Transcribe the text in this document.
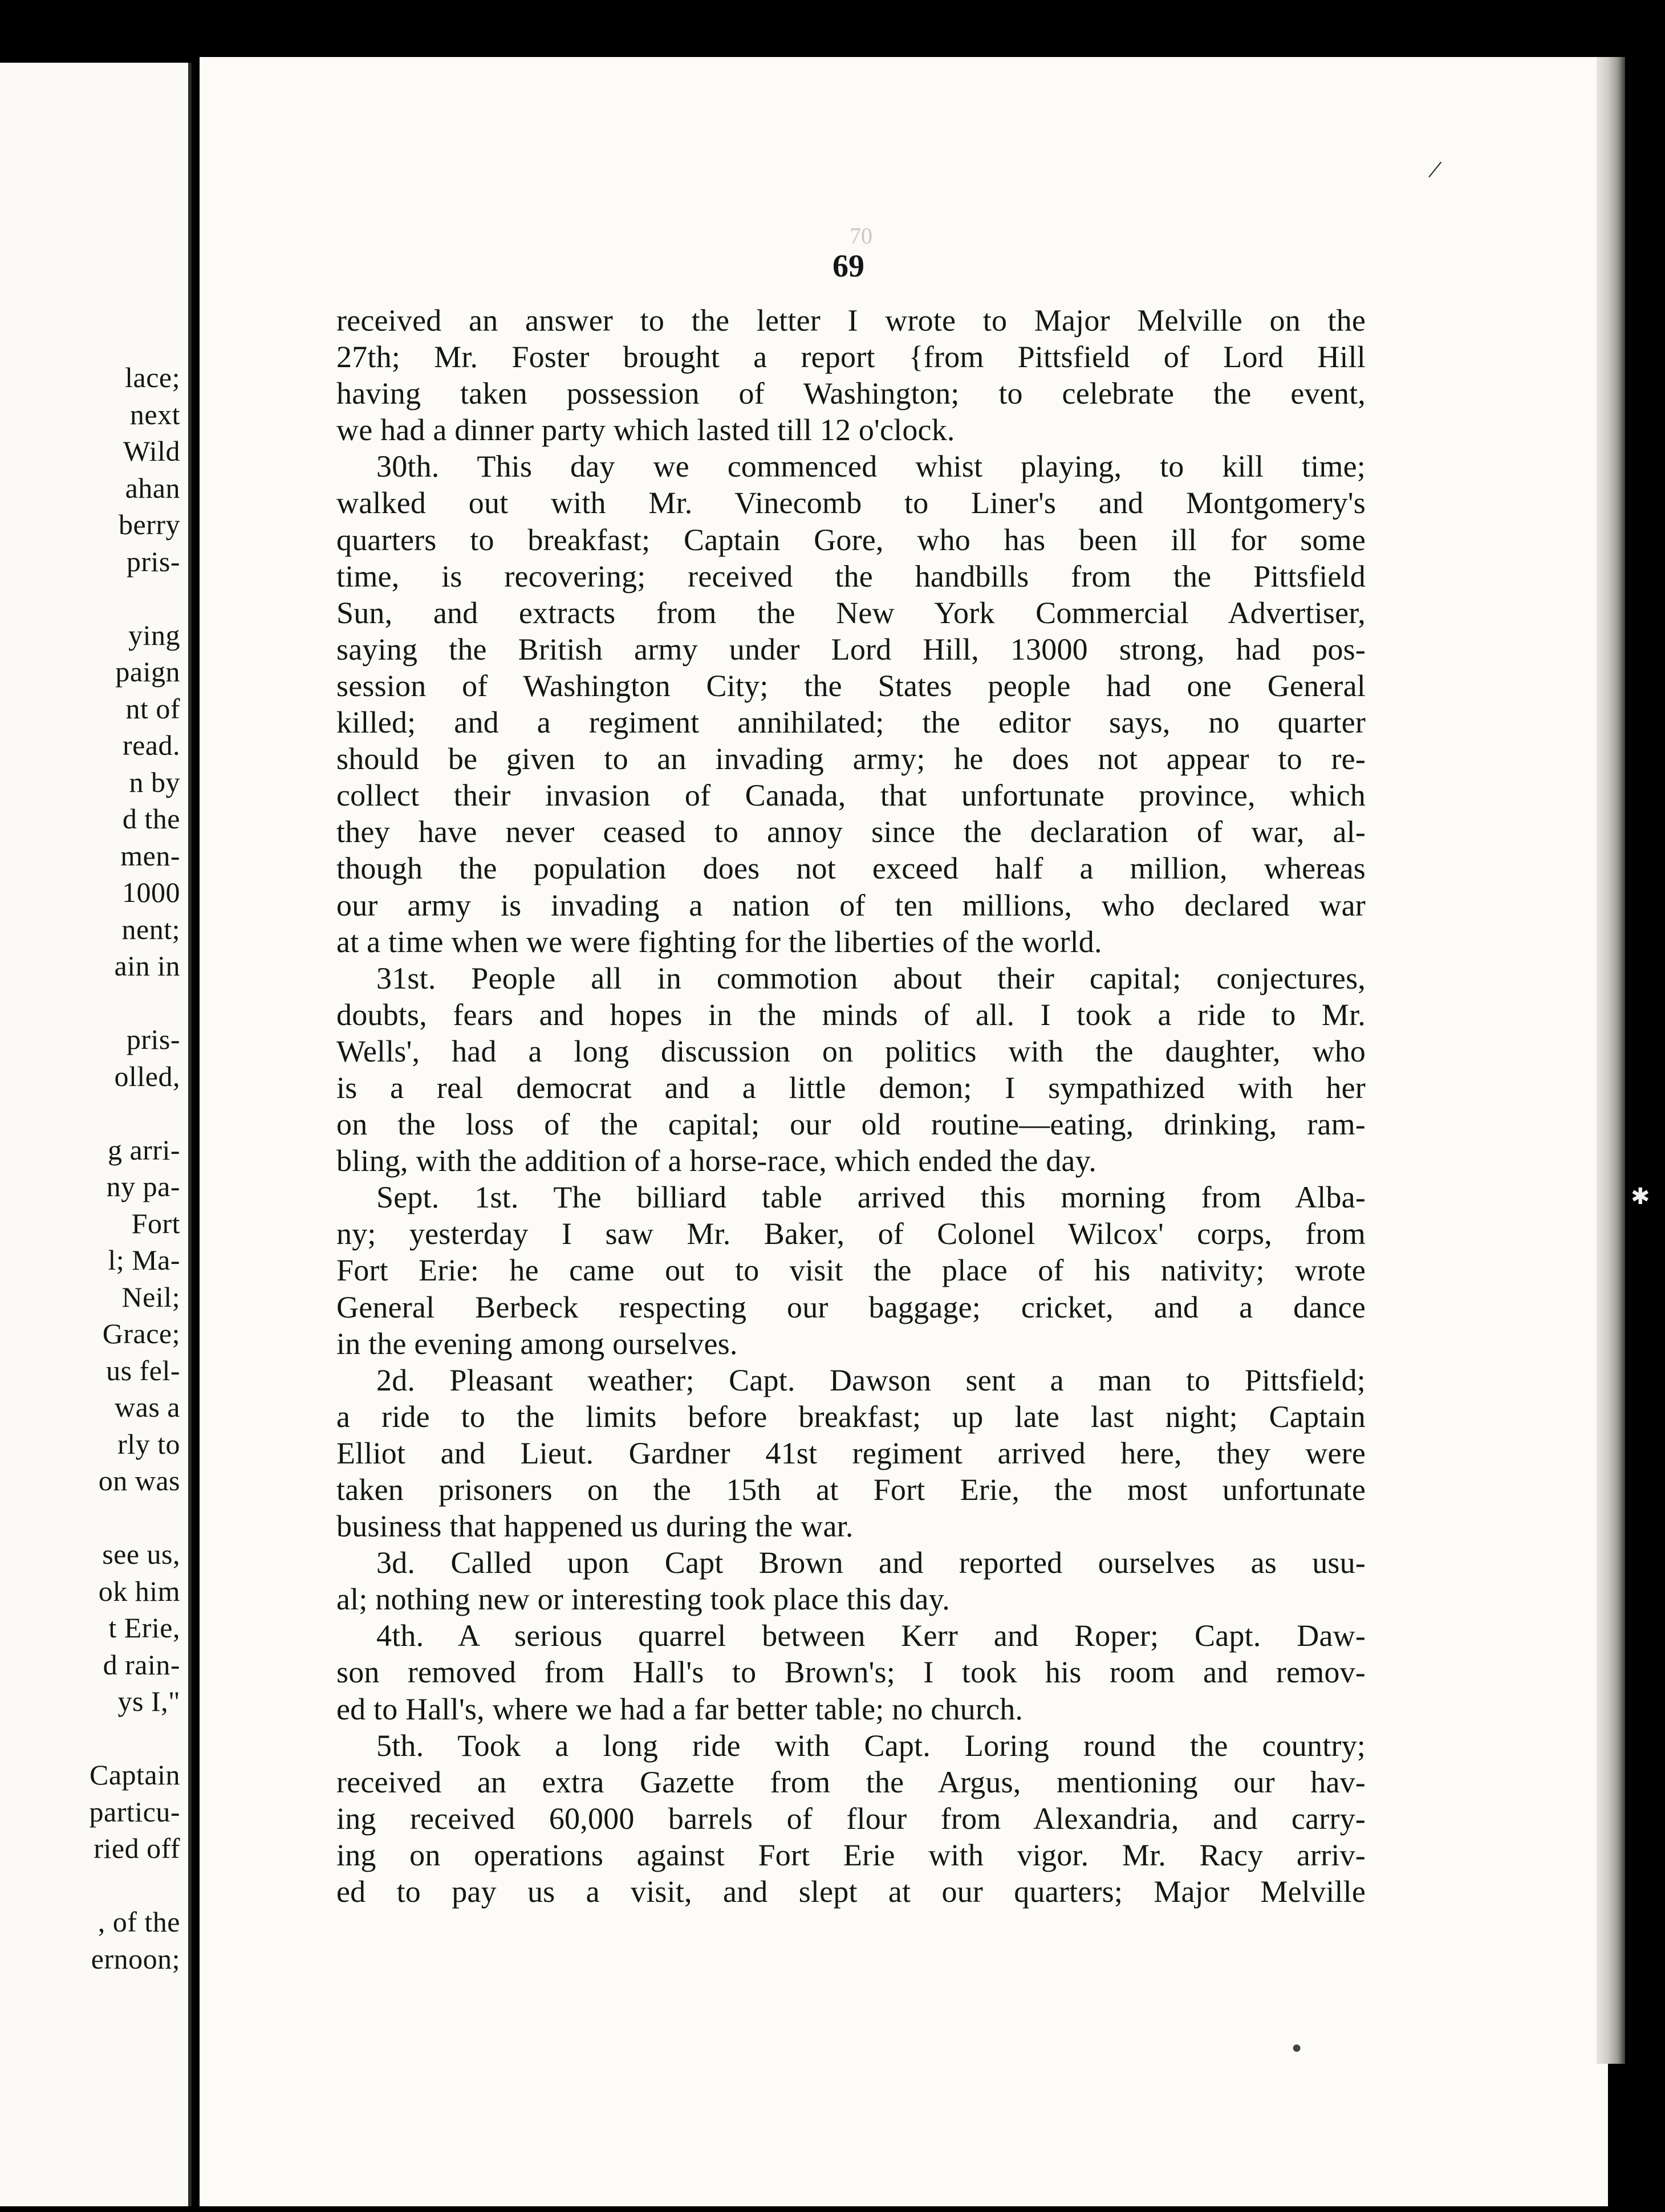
lace;
next
Wild
ahan
berry
pris-
ying
paign
nt of
read.
n by
d the
men-
1000
nent;
ain in
pris-
olled,
g arri-
ny pa-
Fort
l; Ma-
Neil;
Grace;
us fel-
was a
rly to
on was
see us,
ok him
t Erie,
d rain-
ys I,"
Captain
particu-
ried off
, of the
ernoon;
70
69
received an answer to the letter I wrote to Major Melville on the
27th; Mr. Foster brought a report {from Pittsfield of Lord Hill
having taken possession of Washington; to celebrate the event,
we had a dinner party which lasted till 12 o'clock.
30th. This day we commenced whist playing, to kill time;
walked out with Mr. Vinecomb to Liner's and Montgomery's
quarters to breakfast; Captain Gore, who has been ill for some
time, is recovering; received the handbills from the Pittsfield
Sun, and extracts from the New York Commercial Advertiser,
saying the British army under Lord Hill, 13000 strong, had pos-
session of Washington City; the States people had one General
killed; and a regiment annihilated; the editor says, no quarter
should be given to an invading army; he does not appear to re-
collect their invasion of Canada, that unfortunate province, which
they have never ceased to annoy since the declaration of war, al-
though the population does not exceed half a million, whereas
our army is invading a nation of ten millions, who declared war
at a time when we were fighting for the liberties of the world.
31st. People all in commotion about their capital; conjectures,
doubts, fears and hopes in the minds of all. I took a ride to Mr.
Wells', had a long discussion on politics with the daughter, who
is a real democrat and a little demon; I sympathized with her
on the loss of the capital; our old routine—eating, drinking, ram-
bling, with the addition of a horse-race, which ended the day.
Sept. 1st. The billiard table arrived this morning from Alba-
ny; yesterday I saw Mr. Baker, of Colonel Wilcox' corps, from
Fort Erie: he came out to visit the place of his nativity; wrote
General Berbeck respecting our baggage; cricket, and a dance
in the evening among ourselves.
2d. Pleasant weather; Capt. Dawson sent a man to Pittsfield;
a ride to the limits before breakfast; up late last night; Captain
Elliot and Lieut. Gardner 41st regiment arrived here, they were
taken prisoners on the 15th at Fort Erie, the most unfortunate
business that happened us during the war.
3d. Called upon Capt Brown and reported ourselves as usu-
al; nothing new or interesting took place this day.
4th. A serious quarrel between Kerr and Roper; Capt. Daw-
son removed from Hall's to Brown's; I took his room and remov-
ed to Hall's, where we had a far better table; no church.
5th. Took a long ride with Capt. Loring round the country;
received an extra Gazette from the Argus, mentioning our hav-
ing received 60,000 barrels of flour from Alexandria, and carry-
ing on operations against Fort Erie with vigor. Mr. Racy arriv-
ed to pay us a visit, and slept at our quarters; Major Melville
/
✱
●
